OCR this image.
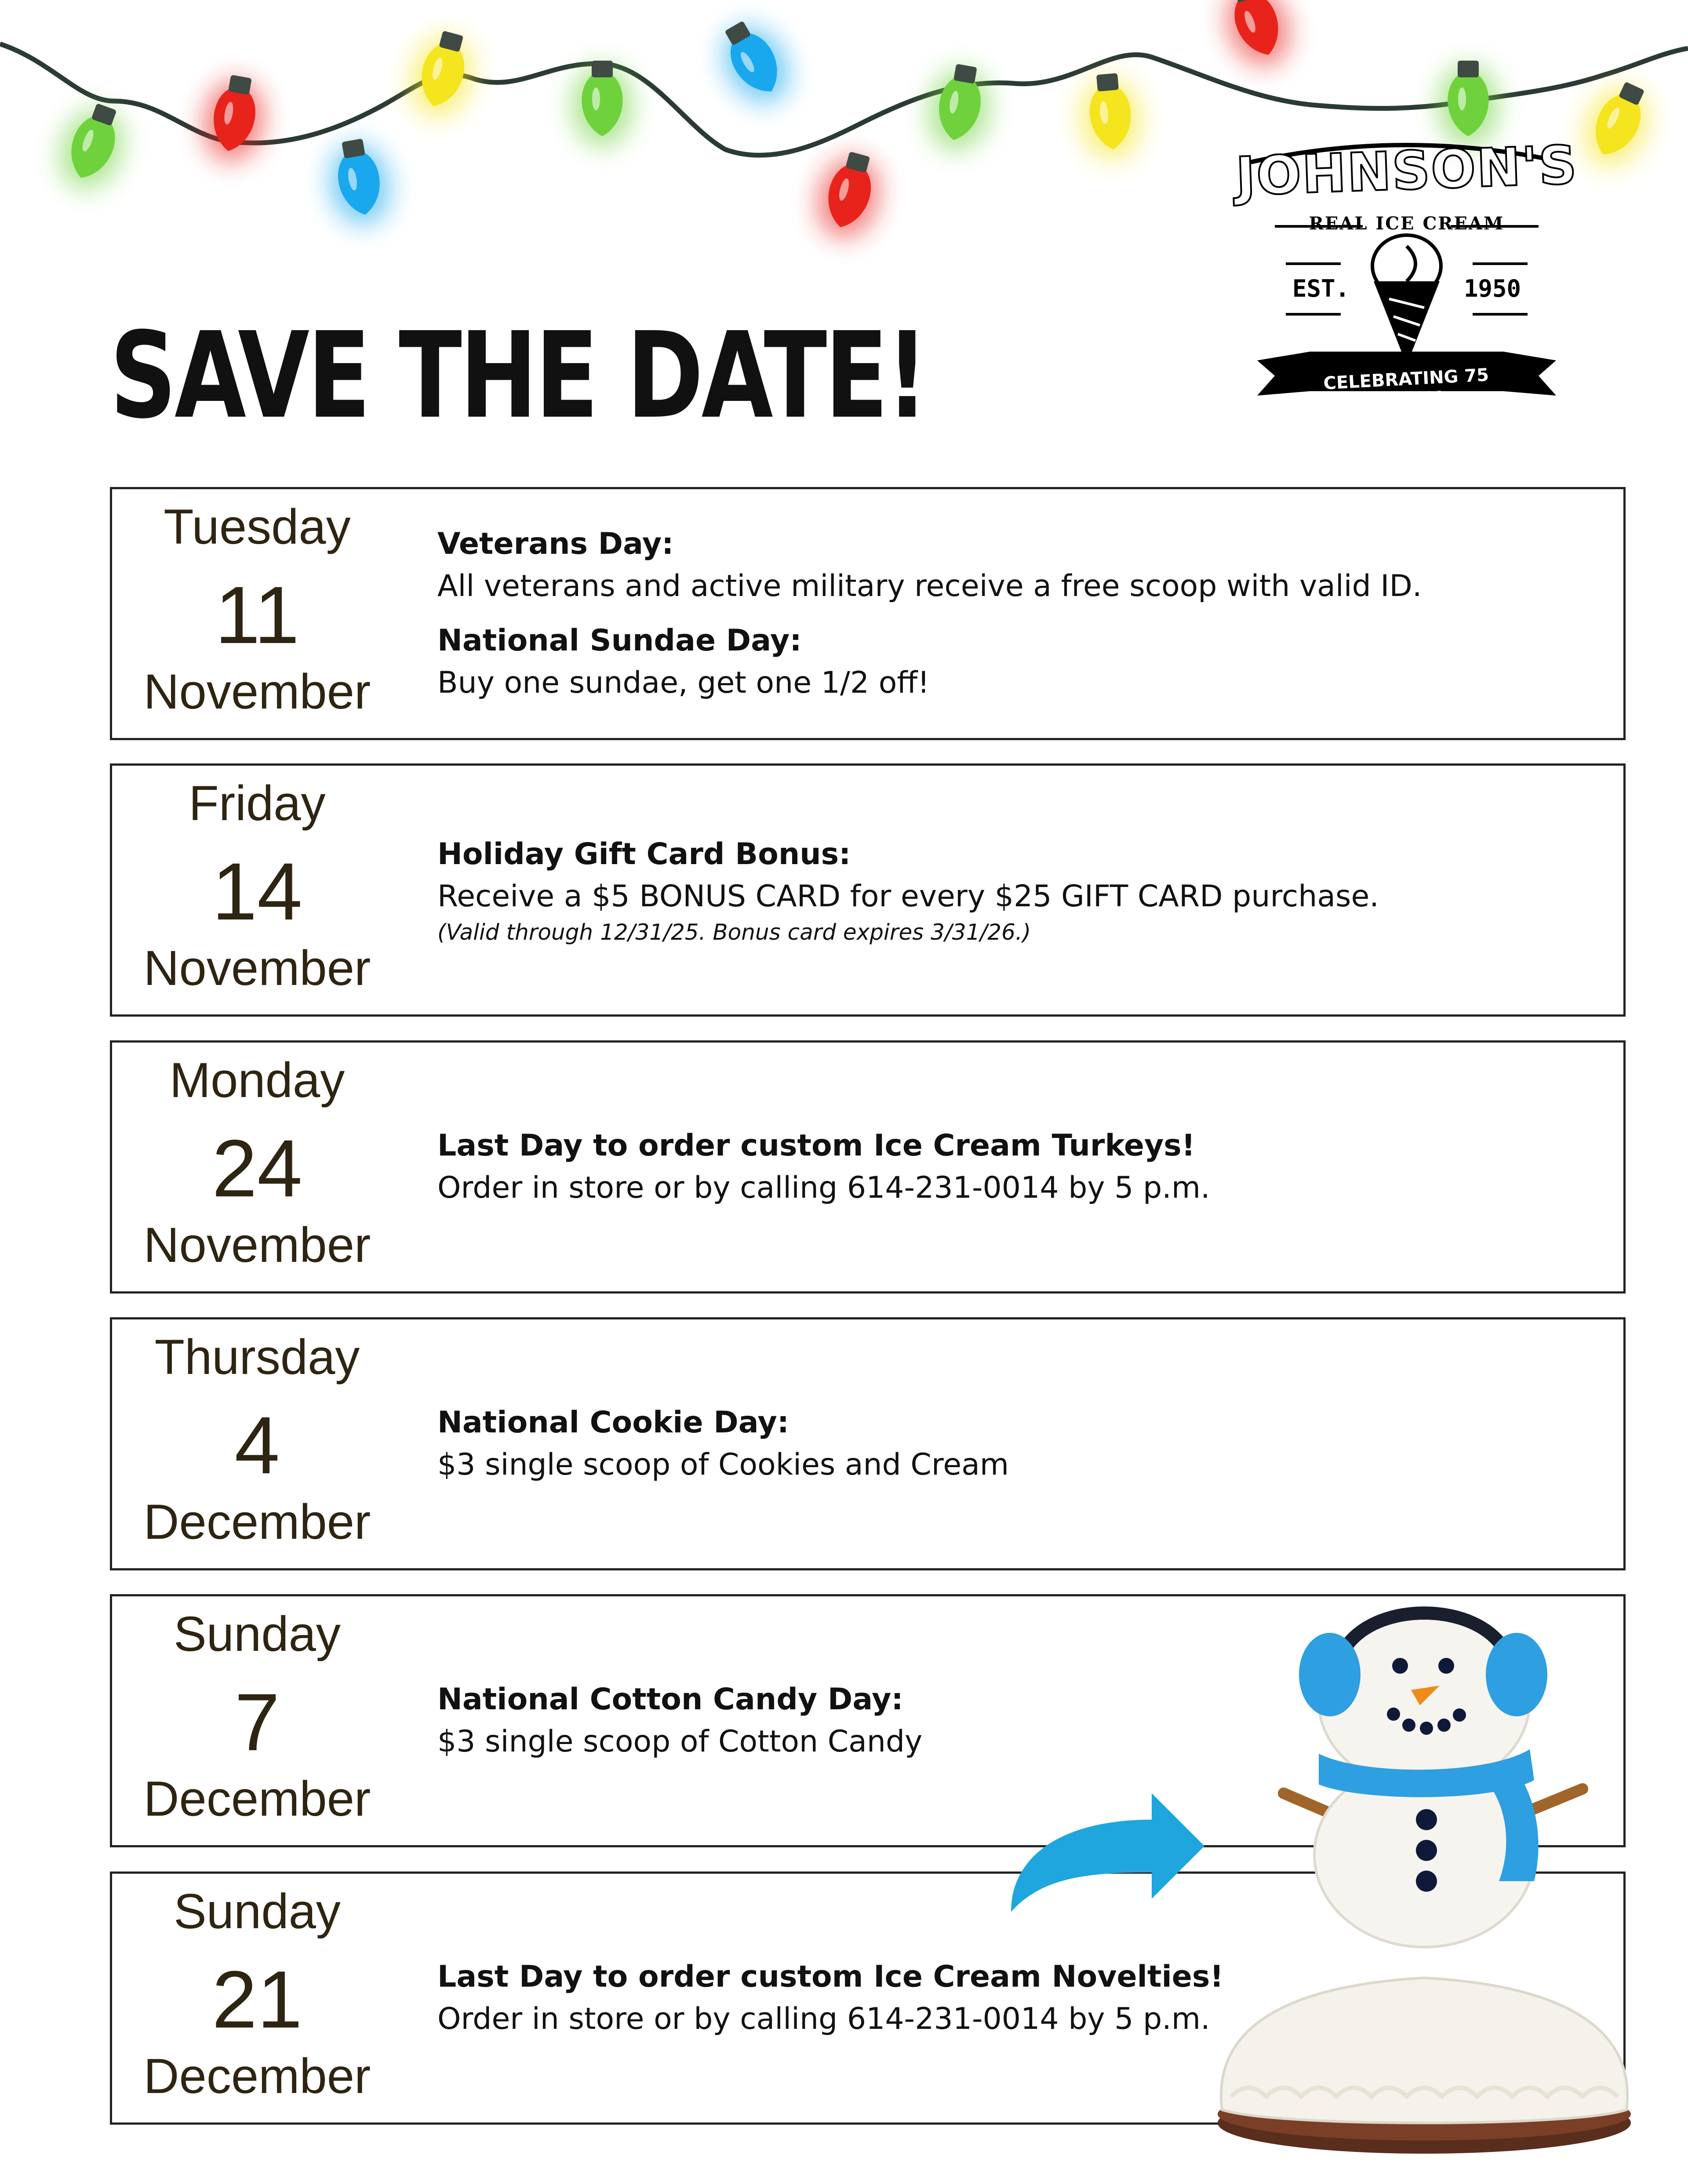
JOHNSON'S
REAL ICE CREAM
EST.	1950
CELEBRATING 75 YEARS!
SAVE THE DATE!
Tuesday
11
November
Veterans Day:
All veterans and active military receive a free scoop with valid ID.
National Sundae Day:
Buy one sundae, get one 1/2 off!
Friday
14
November
Holiday Gift Card Bonus:
Receive a $5 BONUS CARD for every $25 GIFT CARD purchase.
(Valid through 12/31/25. Bonus card expires 3/31/26.)
Monday
24
November
Last Day to order custom Ice Cream Turkeys!
Order in store or by calling 614-231-0014 by 5 p.m.
Thursday
4
December
National Cookie Day:
$3 single scoop of Cookies and Cream
Sunday
7
December
National Cotton Candy Day:
$3 single scoop of Cotton Candy
Sunday
21
December
Last Day to order custom Ice Cream Novelties!
Order in store or by calling 614-231-0014 by 5 p.m.
